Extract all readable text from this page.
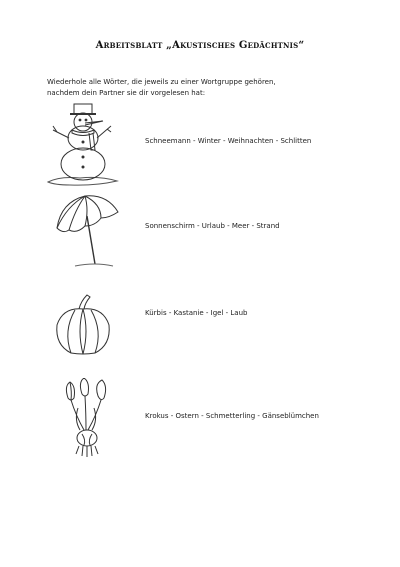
Arbeitsblatt „Akustisches Gedächtnis“
Wiederhole alle Wörter, die jeweils zu einer Wortgruppe gehören, nachdem dein Partner sie dir vorgelesen hat:
Schneemann - Winter - Weihnachten - Schlitten
Sonnenschirm - Urlaub - Meer - Strand
Kürbis - Kastanie - Igel - Laub
Krokus - Ostern - Schmetterling - Gänseblümchen
